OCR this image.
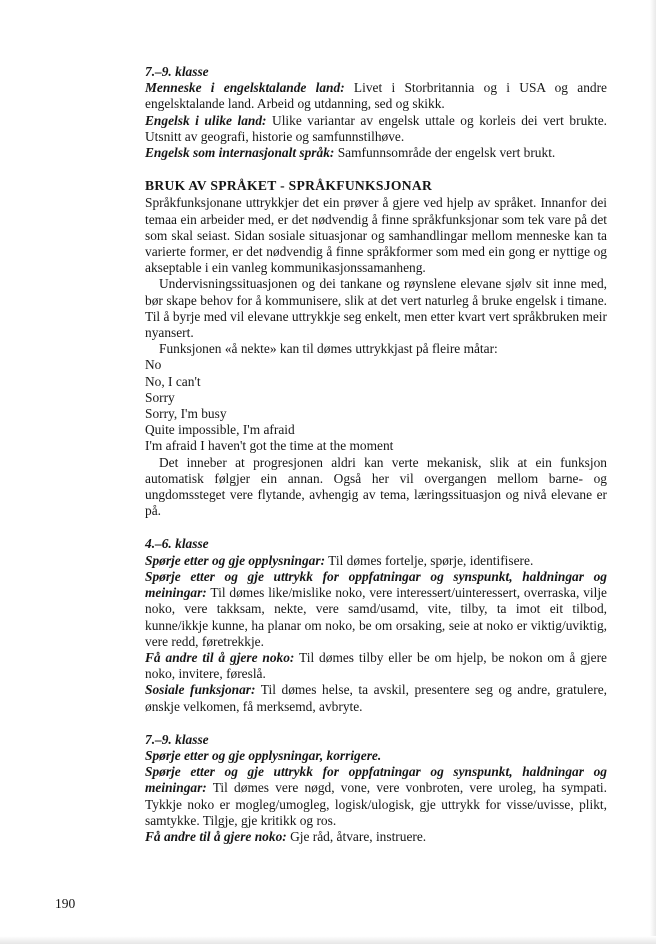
7.–9. klasse

Menneske i engelsktalande land: Livet i Storbritannia og i USA og andre engelsktalande land. Arbeid og utdanning, sed og skikk.

Engelsk i ulike land: Ulike variantar av engelsk uttale og korleis dei vert brukte. Utsnitt av geografi, historie og samfunnstilhøve.

Engelsk som internasjonalt språk: Samfunnsområde der engelsk vert brukt.

BRUK AV SPRÅKET - SPRÅKFUNKSJONAR

Språkfunksjonane uttrykkjer det ein prøver å gjere ved hjelp av språket. Innanfor dei temaa ein arbeider med, er det nødvendig å finne språkfunksjonar som tek vare på det som skal seiast. Sidan sosiale situasjonar og samhandlingar mellom menneske kan ta varierte former, er det nødvendig å finne språkformer som med ein gong er nyttige og akseptable i ein vanleg kommunikasjonssamanheng.

Undervisningssituasjonen og dei tankane og røynslene elevane sjølv sit inne med, bør skape behov for å kommunisere, slik at det vert naturleg å bruke engelsk i timane. Til å byrje med vil elevane uttrykkje seg enkelt, men etter kvart vert språkbruken meir nyansert.

Funksjonen «å nekte» kan til dømes uttrykkjast på fleire måtar:

No

No, I can't

Sorry

Sorry, I'm busy

Quite impossible, I'm afraid

I'm afraid I haven't got the time at the moment

Det inneber at progresjonen aldri kan verte mekanisk, slik at ein funksjon automatisk følgjer ein annan. Også her vil overgangen mellom barne- og ungdomssteget vere flytande, avhengig av tema, læringssituasjon og nivå elevane er på.

4.–6. klasse

Spørje etter og gje opplysningar: Til dømes fortelje, spørje, identifisere.

Spørje etter og gje uttrykk for oppfatningar og synspunkt, haldningar og meiningar: Til dømes like/mislike noko, vere interessert/uinteressert, overraska, vilje noko, vere takksam, nekte, vere samd/usamd, vite, tilby, ta imot eit tilbod, kunne/ikkje kunne, ha planar om noko, be om orsaking, seie at noko er viktig/uviktig, vere redd, føretrekkje.

Få andre til å gjere noko: Til dømes tilby eller be om hjelp, be nokon om å gjere noko, invitere, føreslå.

Sosiale funksjonar: Til dømes helse, ta avskil, presentere seg og andre, gratulere, ønskje velkomen, få merksemd, avbryte.

7.–9. klasse

Spørje etter og gje opplysningar, korrigere.

Spørje etter og gje uttrykk for oppfatningar og synspunkt, haldningar og meiningar: Til dømes vere nøgd, vone, vere vonbroten, vere uroleg, ha sympati. Tykkje noko er mogleg/umogleg, logisk/ulogisk, gje uttrykk for visse/uvisse, plikt, samtykke. Tilgje, gje kritikk og ros.

Få andre til å gjere noko: Gje råd, åtvare, instruere.

190
